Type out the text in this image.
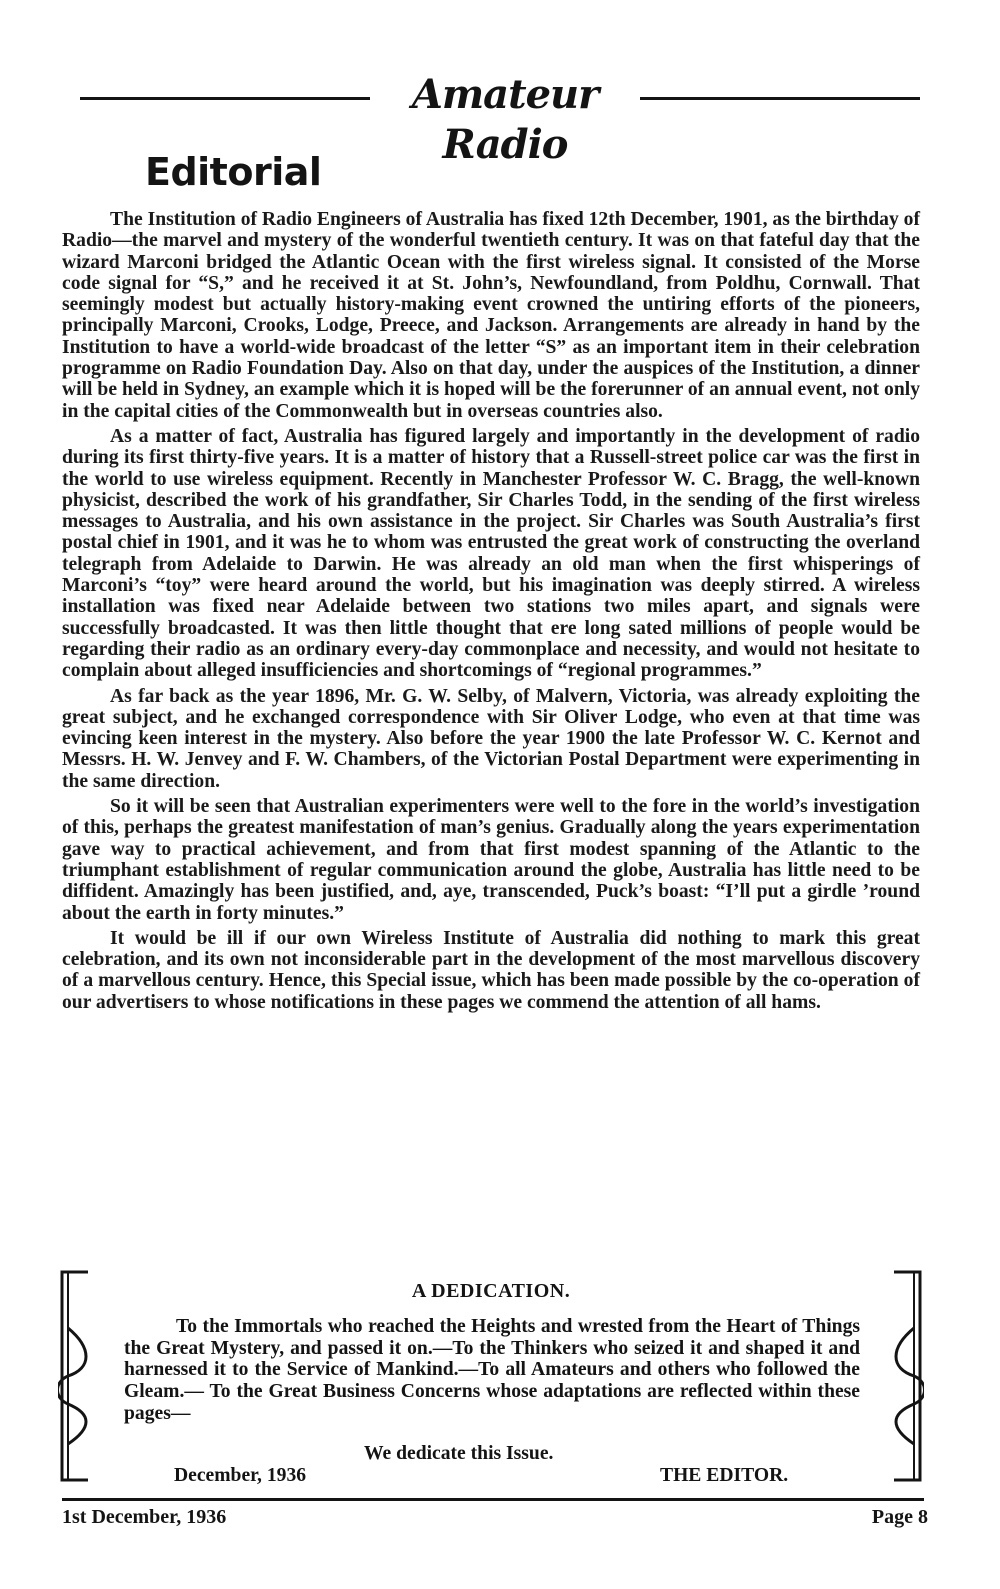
Amateur Radio
Editorial

The Institution of Radio Engineers of Australia has fixed 12th December, 1901, as the birthday of Radio—the marvel and mystery of the wonderful twentieth century. It was on that fateful day that the wizard Marconi bridged the Atlantic Ocean with the first wireless signal. It consisted of the Morse code signal for “S,” and he received it at St. John’s, Newfoundland, from Poldhu, Cornwall. That seemingly modest but actually history-making event crowned the untiring efforts of the pioneers, principally Marconi, Crooks, Lodge, Preece, and Jackson. Arrangements are already in hand by the Institution to have a world-wide broadcast of the letter “S” as an important item in their celebration programme on Radio Foundation Day. Also on that day, under the auspices of the Institution, a dinner will be held in Sydney, an example which it is hoped will be the forerunner of an annual event, not only in the capital cities of the Commonwealth but in overseas countries also.

As a matter of fact, Australia has figured largely and importantly in the development of radio during its first thirty-five years. It is a matter of history that a Russell-street police car was the first in the world to use wireless equipment. Recently in Manchester Professor W. C. Bragg, the well-known physicist, described the work of his grandfather, Sir Charles Todd, in the sending of the first wireless messages to Australia, and his own assistance in the project. Sir Charles was South Australia’s first postal chief in 1901, and it was he to whom was entrusted the great work of constructing the overland telegraph from Adelaide to Darwin. He was already an old man when the first whisperings of Marconi’s “toy” were heard around the world, but his imagination was deeply stirred. A wireless installation was fixed near Adelaide between two stations two miles apart, and signals were successfully broadcasted. It was then little thought that ere long sated millions of people would be regarding their radio as an ordinary every-day commonplace and necessity, and would not hesitate to complain about alleged insufficiencies and shortcomings of “regional programmes.”

As far back as the year 1896, Mr. G. W. Selby, of Malvern, Victoria, was already exploiting the great subject, and he exchanged correspondence with Sir Oliver Lodge, who even at that time was evincing keen interest in the mystery. Also before the year 1900 the late Professor W. C. Kernot and Messrs. H. W. Jenvey and F. W. Chambers, of the Victorian Postal Department were experimenting in the same direction.

So it will be seen that Australian experimenters were well to the fore in the world’s investigation of this, perhaps the greatest manifestation of man’s genius. Gradually along the years experimentation gave way to practical achievement, and from that first modest spanning of the Atlantic to the triumphant establishment of regular communication around the globe, Australia has little need to be diffident. Amazingly has been justified, and, aye, transcended, Puck’s boast: “I’ll put a girdle ’round about the earth in forty minutes.”

It would be ill if our own Wireless Institute of Australia did nothing to mark this great celebration, and its own not inconsiderable part in the development of the most marvellous discovery of a marvellous century. Hence, this Special issue, which has been made possible by the co-operation of our advertisers to whose notifications in these pages we commend the attention of all hams.

A DEDICATION.

To the Immortals who reached the Heights and wrested from the Heart of Things the Great Mystery, and passed it on.—To the Thinkers who seized it and shaped it and harnessed it to the Service of Mankind.—To all Amateurs and others who followed the Gleam.— To the Great Business Concerns whose adaptations are reflected within these pages—

We dedicate this Issue.
December, 1936	THE EDITOR.
1st December, 1936	Page 8
